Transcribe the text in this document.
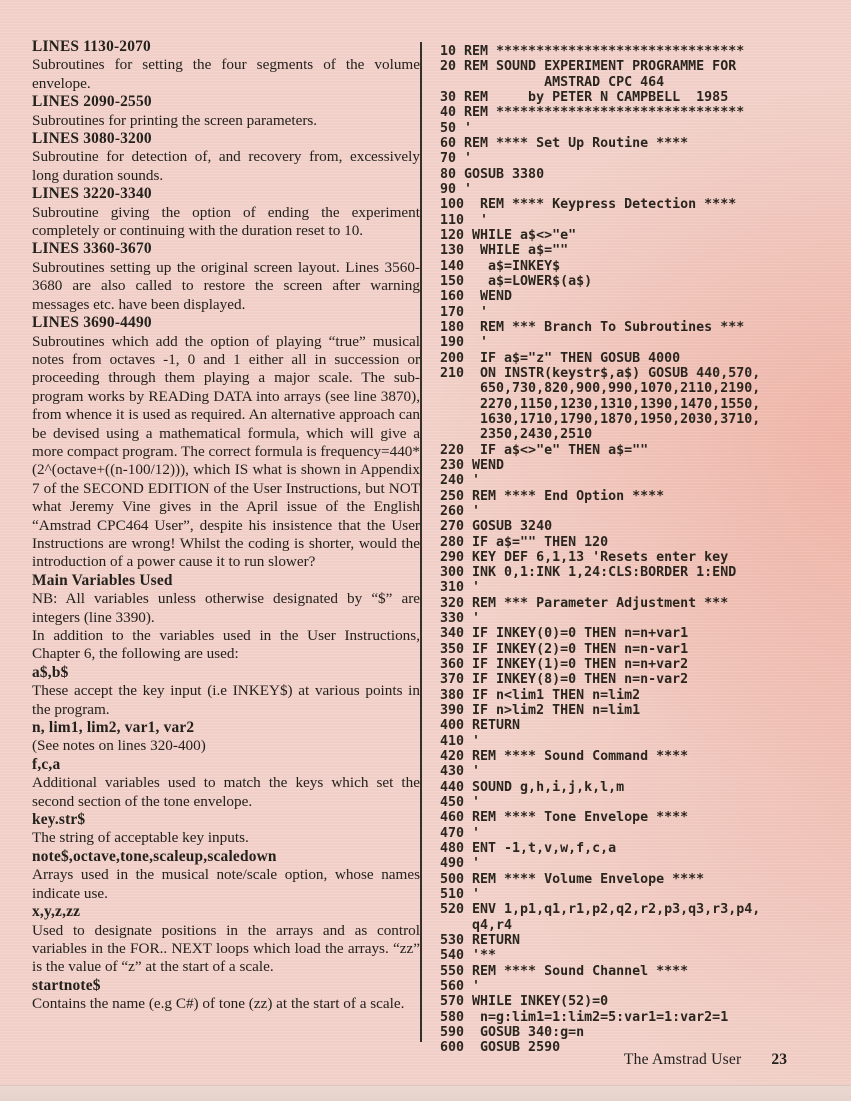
LINES 1130-2070

Subroutines for setting the four segments of the volume envelope.

LINES 2090-2550

Subroutines for printing the screen parameters.

LINES 3080-3200

Subroutine for detection of, and recovery from, excessively long duration sounds.

LINES 3220-3340

Subroutine giving the option of ending the experiment completely or continuing with the duration reset to 10.

LINES 3360-3670

Subroutines setting up the original screen layout. Lines 3560-3680 are also called to restore the screen after warning messages etc. have been displayed.

LINES 3690-4490

Subroutines which add the option of playing “true” musical notes from octaves -1, 0 and 1 either all in succession or proceeding through them playing a major scale. The sub-program works by READing DATA into arrays (see line 3870), from whence it is used as required. An alternative approach can be devised using a mathematical formula, which will give a more compact program. The correct formula is frequency=440*(2^(octave+((n-100/12))), which IS what is shown in Appendix 7 of the SECOND EDITION of the User Instructions, but NOT what Jeremy Vine gives in the April issue of the English “Amstrad CPC464 User”, despite his insistence that the User Instructions are wrong! Whilst the coding is shorter, would the introduction of a power cause it to run slower?

Main Variables Used

NB: All variables unless otherwise designated by “$” are integers (line 3390).

In addition to the variables used in the User Instructions, Chapter 6, the following are used:

a$,b$

These accept the key input (i.e INKEY$) at various points in the program.

n, lim1, lim2, var1, var2

(See notes on lines 320-400)

f,c,a

Additional variables used to match the keys which set the second section of the tone envelope.

key.str$

The string of acceptable key inputs.

note$,octave,tone,scaleup,scaledown

Arrays used in the musical note/scale option, whose names indicate use.

x,y,z,zz

Used to designate positions in the arrays and as control variables in the FOR.. NEXT loops which load the arrays. “zz” is the value of “z” at the start of a scale.

startnote$

Contains the name (e.g C#) of tone (zz) at the start of a scale.

10 REM *******************************
20 REM SOUND EXPERIMENT PROGRAMME FOR
AMSTRAD CPC 464
30 REM     by PETER N CAMPBELL  1985
40 REM *******************************
50 '
60 REM **** Set Up Routine ****
70 '
80 GOSUB 3380
90 '
100  REM **** Keypress Detection ****
110  '
120 WHILE a$<>"e"
130  WHILE a$=""
140   a$=INKEY$
150   a$=LOWER$(a$)
160  WEND
170  '
180  REM *** Branch To Subroutines ***
190  '
200  IF a$="z" THEN GOSUB 4000
210  ON INSTR(keystr$,a$) GOSUB 440,570,
650,730,820,900,990,1070,2110,2190,
2270,1150,1230,1310,1390,1470,1550,
1630,1710,1790,1870,1950,2030,3710,
2350,2430,2510
220  IF a$<>"e" THEN a$=""
230 WEND
240 '
250 REM **** End Option ****
260 '
270 GOSUB 3240
280 IF a$="" THEN 120
290 KEY DEF 6,1,13 'Resets enter key
300 INK 0,1:INK 1,24:CLS:BORDER 1:END
310 '
320 REM *** Parameter Adjustment ***
330 '
340 IF INKEY(0)=0 THEN n=n+var1
350 IF INKEY(2)=0 THEN n=n-var1
360 IF INKEY(1)=0 THEN n=n+var2
370 IF INKEY(8)=0 THEN n=n-var2
380 IF n<lim1 THEN n=lim2
390 IF n>lim2 THEN n=lim1
400 RETURN
410 '
420 REM **** Sound Command ****
430 '
440 SOUND g,h,i,j,k,l,m
450 '
460 REM **** Tone Envelope ****
470 '
480 ENT -1,t,v,w,f,c,a
490 '
500 REM **** Volume Envelope ****
510 '
520 ENV 1,p1,q1,r1,p2,q2,r2,p3,q3,r3,p4,
q4,r4
530 RETURN
540 '**
550 REM **** Sound Channel ****
560 '
570 WHILE INKEY(52)=0
580  n=g:lim1=1:lim2=5:var1=1:var2=1
590  GOSUB 340:g=n
600  GOSUB 2590
The Amstrad User 23
